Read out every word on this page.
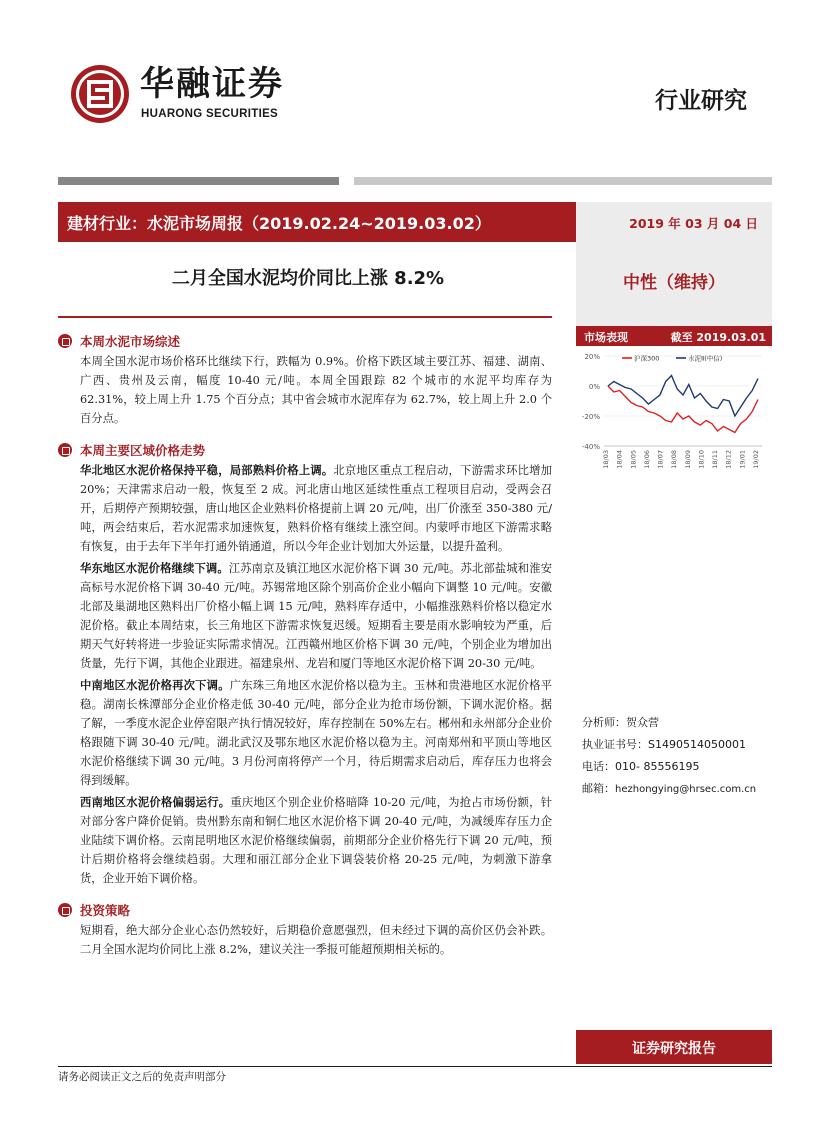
华融证券
HUARONG SECURITIES	行业研究
建材行业：水泥市场周报（2019.02.24~2019.03.02）	2019 年 03 月 04 日
二月全国水泥均价同比上涨 8.2%	中性（维持）
本周水泥市场综述

本周全国水泥市场价格环比继续下行，跌幅为 0.9%。价格下跌区域主要江苏、福建、湖南、广西、贵州及云南，幅度 10-40 元/吨。本周全国跟踪 82 个城市的水泥平均库存为 62.31%，较上周上升 1.75 个百分点；其中省会城市水泥库存为 62.7%，较上周上升 2.0 个百分点。

本周主要区域价格走势

华北地区水泥价格保持平稳，局部熟料价格上调。北京地区重点工程启动，下游需求环比增加 20%；天津需求启动一般，恢复至 2 成。河北唐山地区延续性重点工程项目启动，受两会召开，后期停产预期较强，唐山地区企业熟料价格提前上调 20 元/吨，出厂价涨至 350-380 元/吨，两会结束后，若水泥需求加速恢复，熟料价格有继续上涨空间。内蒙呼市地区下游需求略有恢复，由于去年下半年打通外销通道，所以今年企业计划加大外运量，以提升盈利。

华东地区水泥价格继续下调。江苏南京及镇江地区水泥价格下调 30 元/吨。苏北部盐城和淮安高标号水泥价格下调 30-40 元/吨。苏锡常地区除个别高价企业小幅向下调整 10 元/吨。安徽北部及巢湖地区熟料出厂价格小幅上调 15 元/吨，熟料库存适中，小幅推涨熟料价格以稳定水泥价格。截止本周结束，长三角地区下游需求恢复迟缓。短期看主要是雨水影响较为严重，后期天气好转将进一步验证实际需求情况。江西赣州地区价格下调 30 元/吨，个别企业为增加出货量，先行下调，其他企业跟进。福建泉州、龙岩和厦门等地区水泥价格下调 20-30 元/吨。

中南地区水泥价格再次下调。广东珠三角地区水泥价格以稳为主。玉林和贵港地区水泥价格平稳。湖南长株潭部分企业价格走低 30-40 元/吨，部分企业为抢市场份额，下调水泥价格。据了解，一季度水泥企业停窑限产执行情况较好，库存控制在 50%左右。郴州和永州部分企业价格跟随下调 30-40 元/吨。湖北武汉及鄂东地区水泥价格以稳为主。河南郑州和平顶山等地区水泥价格继续下调 30 元/吨。3 月份河南将停产一个月，待后期需求启动后，库存压力也将会得到缓解。

西南地区水泥价格偏弱运行。重庆地区个别企业价格暗降 10-20 元/吨，为抢占市场份额，针对部分客户降价促销。贵州黔东南和铜仁地区水泥价格下调 20-40 元/吨，为减缓库存压力企业陆续下调价格。云南昆明地区水泥价格继续偏弱，前期部分企业价格先行下调 20 元/吨，预计后期价格将会继续趋弱。大理和丽江部分企业下调袋装价格 20-25 元/吨，为刺激下游拿货，企业开始下调价格。

投资策略

短期看，绝大部分企业心态仍然较好，后期稳价意愿强烈，但未经过下调的高价区仍会补跌。二月全国水泥均价同比上涨 8.2%，建议关注一季报可能超预期相关标的。

市场表现	截至 2019.03.01
20%
0%
-20%
-40%
18/03 18/04 18/05 18/06 18/07 18/08 18/09 18/10 18/11 18/12 19/01 19/02
沪深300	水泥Ⅱ(中信)
分析师：贺众营
执业证书号：S1490514050001
电话：010- 85556195
邮箱：hezhongying@hrsec.com.cn
证券研究报告
请务必阅读正文之后的免责声明部分
